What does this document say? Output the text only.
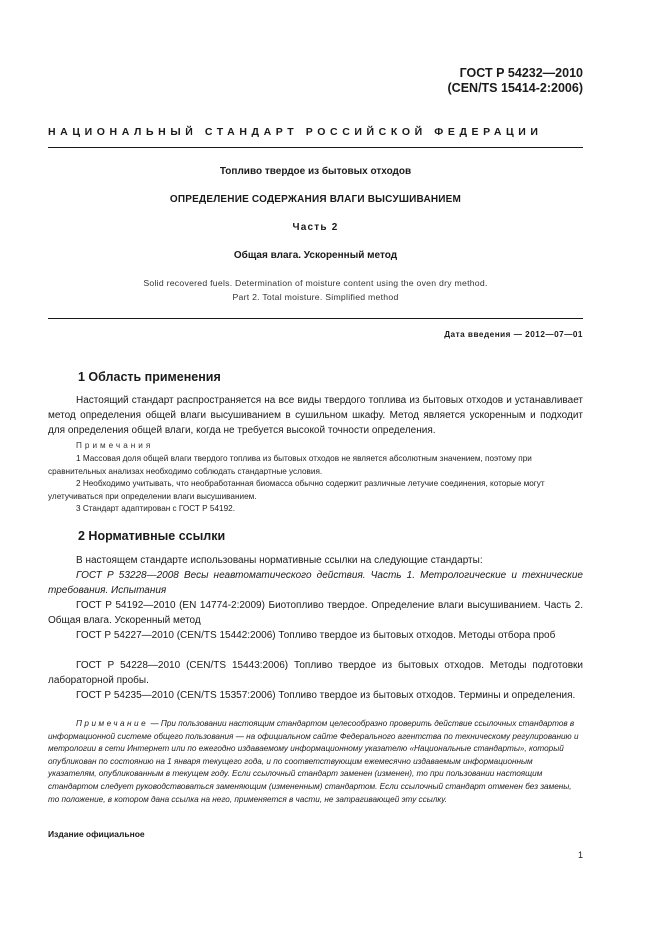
ГОСТ Р 54232—2010
(CEN/TS 15414-2:2006)
НАЦИОНАЛЬНЫЙ СТАНДАРТ РОССИЙСКОЙ ФЕДЕРАЦИИ
Топливо твердое из бытовых отходов
ОПРЕДЕЛЕНИЕ СОДЕРЖАНИЯ ВЛАГИ ВЫСУШИВАНИЕМ
Часть 2
Общая влага. Ускоренный метод
Solid recovered fuels. Determination of moisture content using the oven dry method.
Part 2. Total moisture. Simplified method
Дата введения — 2012—07—01
1 Область применения

Настоящий стандарт распространяется на все виды твердого топлива из бытовых отходов и устанавливает метод определения общей влаги высушиванием в сушильном шкафу. Метод является ускоренным и подходит для определения общей влаги, когда не требуется высокой точности определения.

Примечания

1 Массовая доля общей влаги твердого топлива из бытовых отходов не является абсолютным значением, поэтому при сравнительных анализах необходимо соблюдать стандартные условия.

2 Необходимо учитывать, что необработанная биомасса обычно содержит различные летучие соединения, которые могут улетучиваться при определении влаги высушиванием.

3 Стандарт адаптирован с ГОСТ Р 54192.

2 Нормативные ссылки

В настоящем стандарте использованы нормативные ссылки на следующие стандарты:

ГОСТ Р 53228—2008 Весы неавтоматического действия. Часть 1. Метрологические и технические требования. Испытания

ГОСТ Р 54192—2010 (EN 14774-2:2009) Биотопливо твердое. Определение влаги высушиванием. Часть 2. Общая влага. Ускоренный метод

ГОСТ Р 54227—2010 (CEN/TS 15442:2006) Топливо твердое из бытовых отходов. Методы отбора проб

ГОСТ Р 54228—2010 (CEN/TS 15443:2006) Топливо твердое из бытовых отходов. Методы подготовки лабораторной пробы.

ГОСТ Р 54235—2010 (CEN/TS 15357:2006) Топливо твердое из бытовых отходов. Термины и определения.

Примечание — При пользовании настоящим стандартом целесообразно проверить действие ссылочных стандартов в информационной системе общего пользования — на официальном сайте Федерального агентства по техническому регулированию и метрологии в сети Интернет или по ежегодно издаваемому информационному указателю «Национальные стандарты», который опубликован по состоянию на 1 января текущего года, и по соответствующим ежемесячно издаваемым информационным указателям, опубликованным в текущем году. Если ссылочный стандарт заменен (изменен), то при пользовании настоящим стандартом следует руководствоваться заменяющим (измененным) стандартом. Если ссылочный стандарт отменен без замены, то положение, в котором дана ссылка на него, применяется в части, не затрагивающей эту ссылку.

Издание официальное
1
